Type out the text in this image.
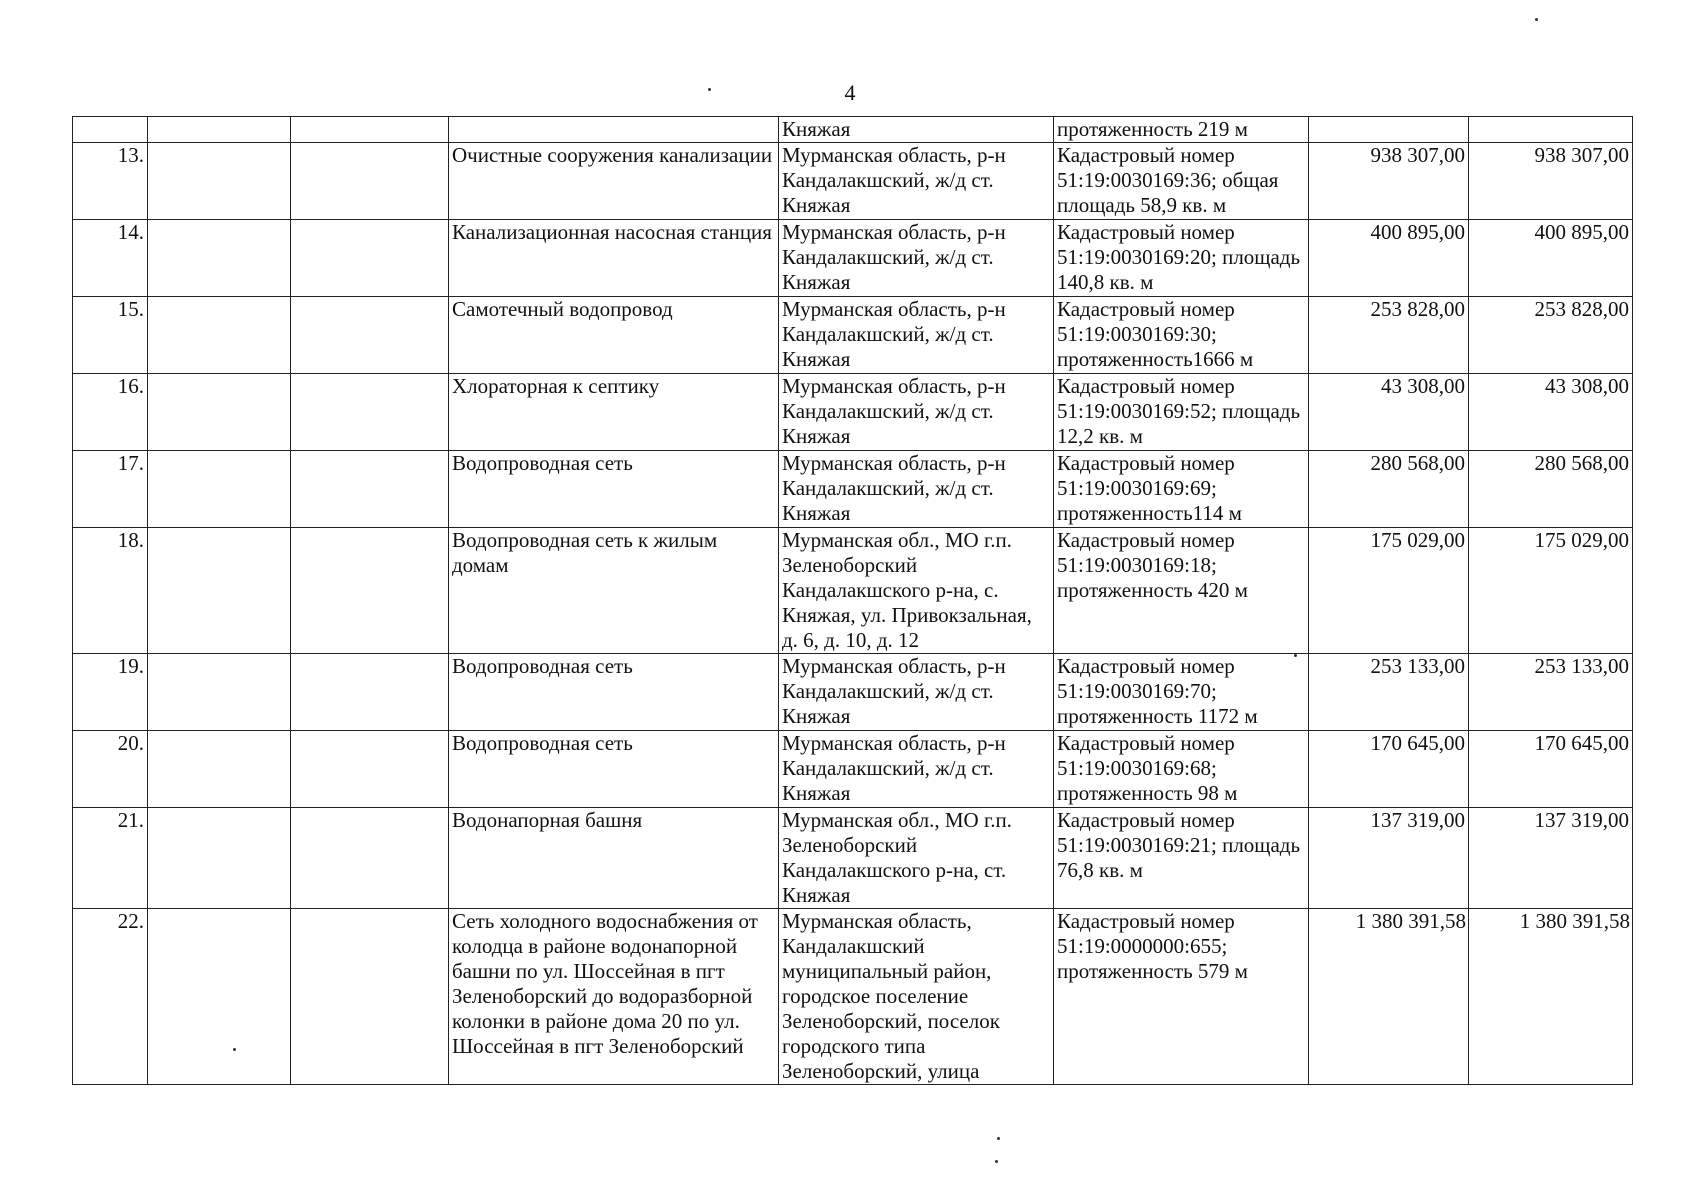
4
				Княжая	протяженность 219 м		
13.			Очистные сооружения канализации	Мурманская область, р-н Кандалакшский, ж/д ст. Княжая	Кадастровый номер 51:19:0030169:36; общая площадь 58,9 кв. м	938 307,00	938 307,00
14.			Канализационная насосная станция	Мурманская область, р-н Кандалакшский, ж/д ст. Княжая	Кадастровый номер 51:19:0030169:20; площадь 140,8 кв. м	400 895,00	400 895,00
15.			Самотечный водопровод	Мурманская область, р-н Кандалакшский, ж/д ст. Княжая	Кадастровый номер 51:19:0030169:30; протяженность1666 м	253 828,00	253 828,00
16.			Хлораторная к септику	Мурманская область, р-н Кандалакшский, ж/д ст. Княжая	Кадастровый номер 51:19:0030169:52; площадь 12,2 кв. м	43 308,00	43 308,00
17.			Водопроводная сеть	Мурманская область, р-н Кандалакшский, ж/д ст. Княжая	Кадастровый номер 51:19:0030169:69; протяженность114 м	280 568,00	280 568,00
18.			Водопроводная сеть к жилым домам	Мурманская обл., МО г.п. Зеленоборский Кандалакшского р-на, с. Княжая, ул. Привокзальная, д. 6, д. 10, д. 12	Кадастровый номер 51:19:0030169:18; протяженность 420 м	175 029,00	175 029,00
19.			Водопроводная сеть	Мурманская область, р-н Кандалакшский, ж/д ст. Княжая	Кадастровый номер 51:19:0030169:70; протяженность 1172 м	253 133,00	253 133,00
20.			Водопроводная сеть	Мурманская область, р-н Кандалакшский, ж/д ст. Княжая	Кадастровый номер 51:19:0030169:68; протяженность 98 м	170 645,00	170 645,00
21.			Водонапорная башня	Мурманская обл., МО г.п. Зеленоборский Кандалакшского р-на, ст. Княжая	Кадастровый номер 51:19:0030169:21; площадь 76,8 кв. м	137 319,00	137 319,00
22.			Сеть холодного водоснабжения от колодца в районе водонапорной башни по ул. Шоссейная в пгт Зеленоборский до водоразборной колонки в районе дома 20 по ул. Шоссейная в пгт Зеленоборский	Мурманская область, Кандалакшский муниципальный район, городское поселение Зеленоборский, поселок городского типа Зеленоборский, улица	Кадастровый номер 51:19:0000000:655; протяженность 579 м	1 380 391,58	1 380 391,58
